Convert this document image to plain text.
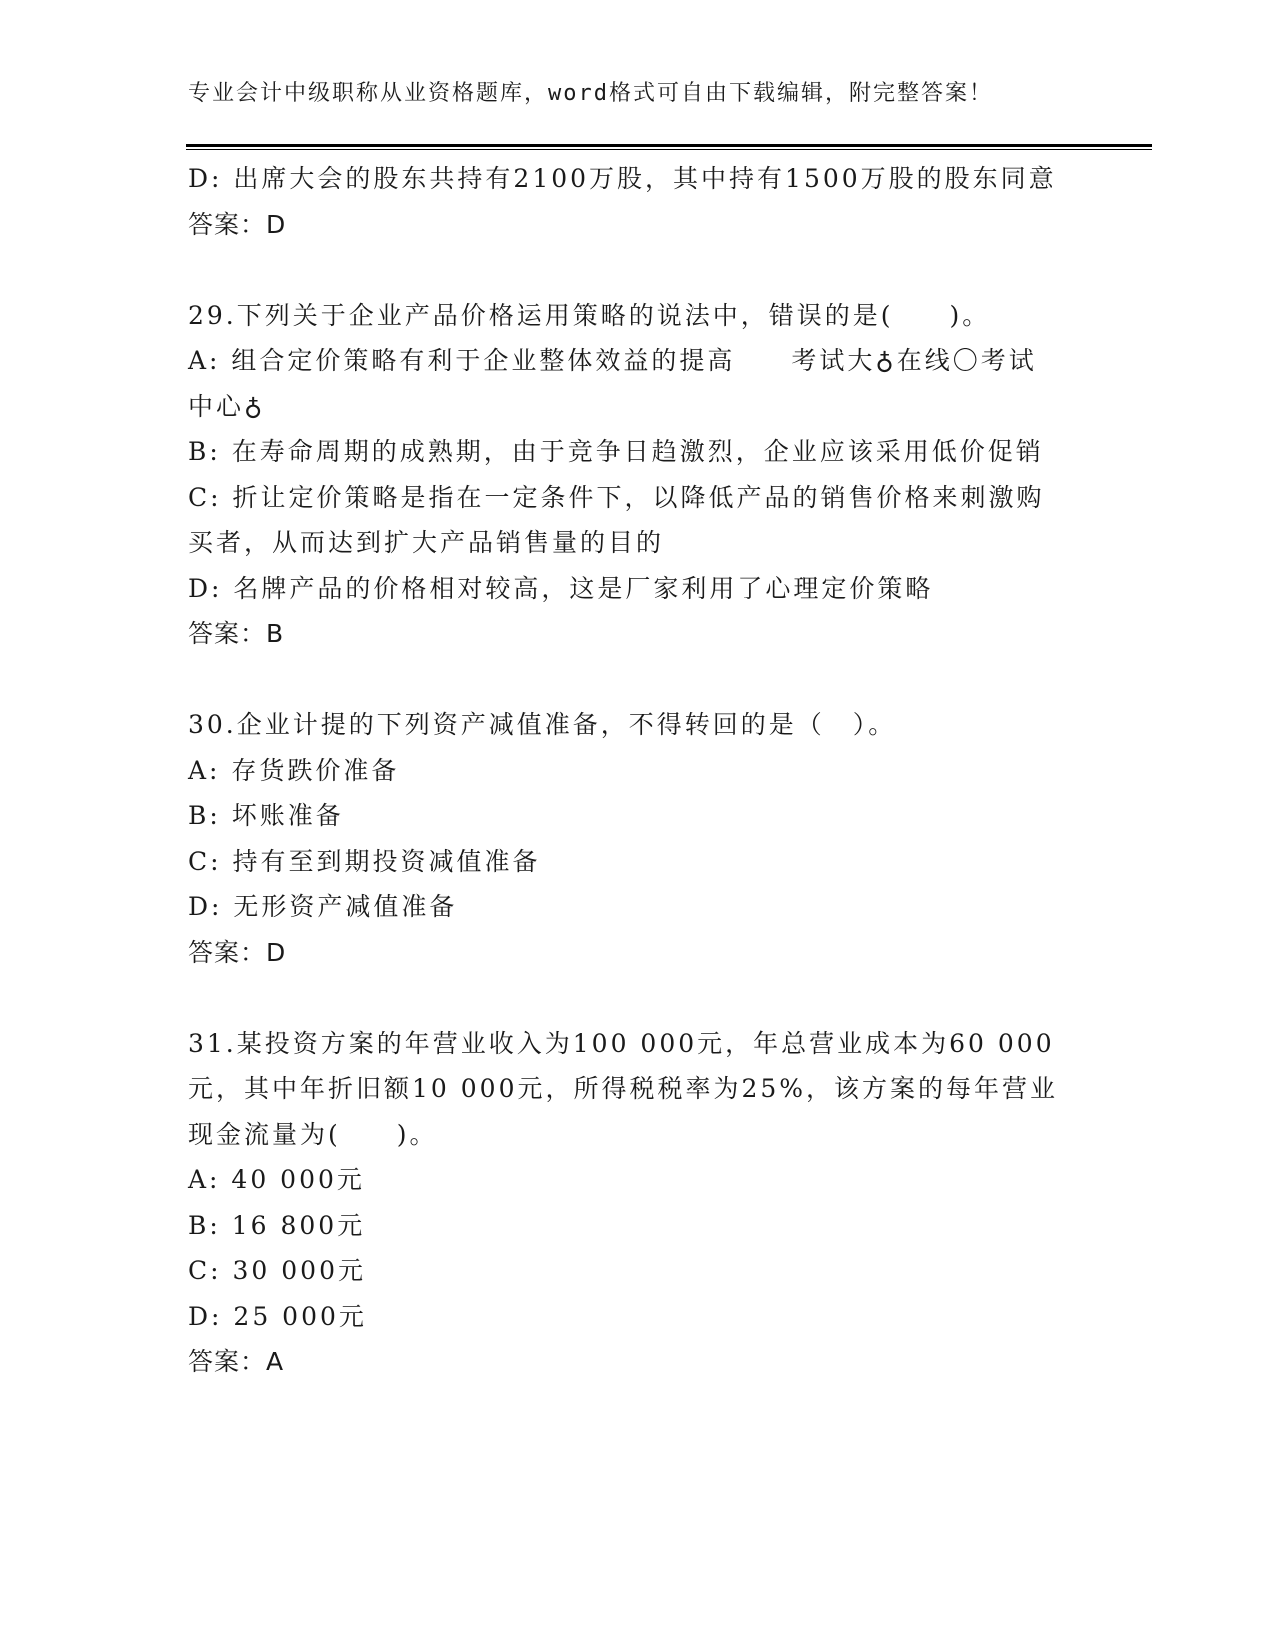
专业会计中级职称从业资格题库，word格式可自由下载编辑，附完整答案！
D: 出席大会的股东共持有2100万股，其中持有1500万股的股东同意
答案：D
29.下列关于企业产品价格运用策略的说法中，错误的是(　　)。
A: 组合定价策略有利于企业整体效益的提高　　考试大♁在线〇考试
中心♁
B: 在寿命周期的成熟期，由于竞争日趋激烈，企业应该采用低价促销
C: 折让定价策略是指在一定条件下，以降低产品的销售价格来刺激购
买者，从而达到扩大产品销售量的目的
D: 名牌产品的价格相对较高，这是厂家利用了心理定价策略
答案：B
30.企业计提的下列资产减值准备，不得转回的是（　）。
A: 存货跌价准备
B: 坏账准备
C: 持有至到期投资减值准备
D: 无形资产减值准备
答案：D
31.某投资方案的年营业收入为100 000元，年总营业成本为60 000
元，其中年折旧额10 000元，所得税税率为25%，该方案的每年营业
现金流量为(　　)。
A: 40 000元
B: 16 800元
C: 30 000元
D: 25 000元
答案：A
